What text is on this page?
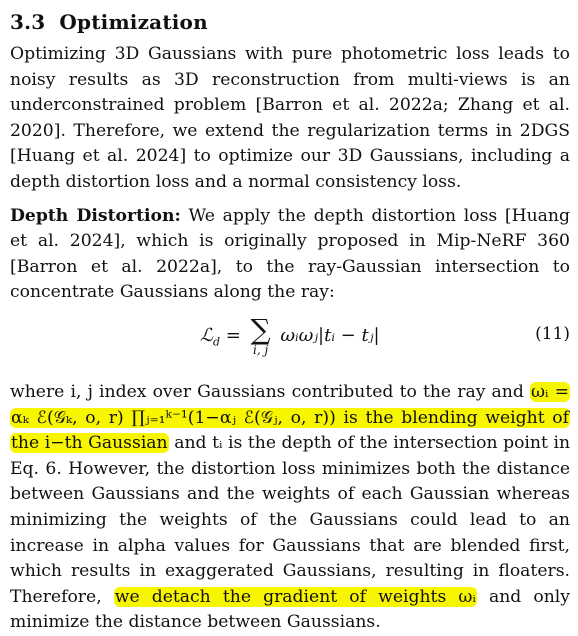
3.3 Optimization

Optimizing 3D Gaussians with pure photometric loss leads to noisy results as 3D reconstruction from multi-views is an underconstrained problem [Barron et al. 2022a; Zhang et al. 2020]. Therefore, we extend the regularization terms in 2DGS [Huang et al. 2024] to optimize our 3D Gaussians, including a depth distortion loss and a normal consistency loss.

Depth Distortion: We apply the depth distortion loss [Huang et al. 2024], which is originally proposed in Mip-NeRF 360 [Barron et al. 2022a], to the ray-Gaussian intersection to concentrate Gaussians along the ray:

ℒ$_d$ = ∑
i, j
ωᵢωⱼ|tᵢ − tⱼ|	(11)

where i, j index over Gaussians contributed to the ray and ωᵢ = αₖ ℰ(𝒢ₖ, o, r) ∏ⱼ₌₁ᵏ⁻¹(1−αⱼ ℰ(𝒢ⱼ, o, r)) is the blending weight of the i−th Gaussian and tᵢ is the depth of the intersection point in Eq. 6. However, the distortion loss minimizes both the distance between Gaussians and the weights of each Gaussian whereas minimizing the weights of the Gaussians could lead to an increase in alpha values for Gaussians that are blended first, which results in exaggerated Gaussians, resulting in floaters. Therefore, we detach the gradient of weights ωᵢ and only minimize the distance between Gaussians.
